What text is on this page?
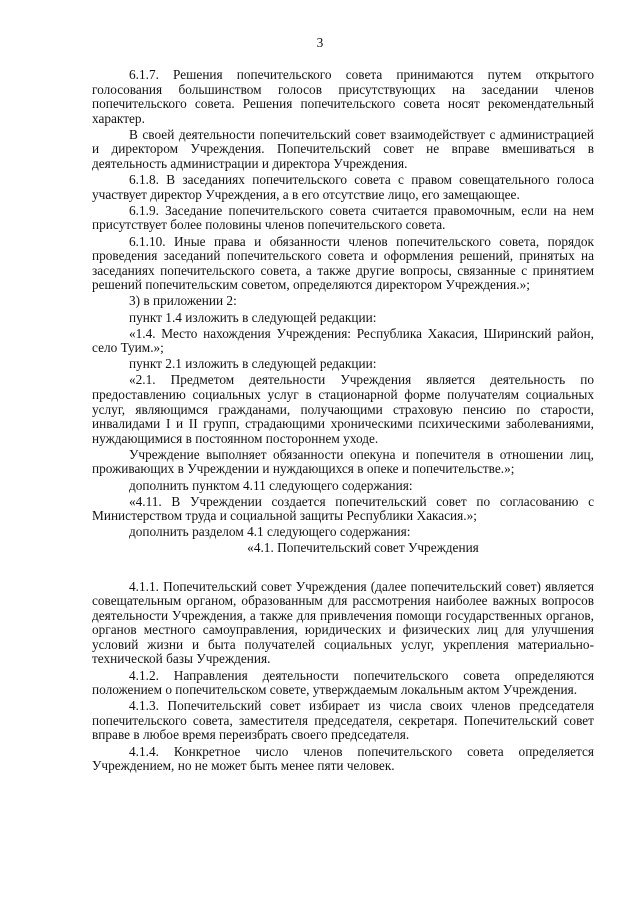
3

6.1.7. Решения попечительского совета принимаются путем открытого голосования большинством голосов присутствующих на заседании членов попечительского совета. Решения попечительского совета носят рекомендательный характер.

В своей деятельности попечительский совет взаимодействует с администрацией и директором Учреждения. Попечительский совет не вправе вмешиваться в деятельность администрации и директора Учреждения.

6.1.8. В заседаниях попечительского совета с правом совещательного голоса участвует директор Учреждения, а в его отсутствие лицо, его замещающее.

6.1.9. Заседание попечительского совета считается правомочным, если на нем присутствует более половины членов попечительского совета.

6.1.10. Иные права и обязанности членов попечительского совета, порядок проведения заседаний попечительского совета и оформления решений, принятых на заседаниях попечительского совета, а также другие вопросы, связанные с принятием решений попечительским советом, определяются директором Учреждения.»;

3) в приложении 2:

пункт 1.4 изложить в следующей редакции:

«1.4. Место нахождения Учреждения: Республика Хакасия, Ширинский район, село Туим.»;

пункт 2.1 изложить в следующей редакции:

«2.1. Предметом деятельности Учреждения является деятельность по предоставлению социальных услуг в стационарной форме получателям социальных услуг, являющимся гражданами, получающими страховую пенсию по старости, инвалидами I и II групп, страдающими хроническими психическими заболеваниями, нуждающимися в постоянном постороннем уходе.

Учреждение выполняет обязанности опекуна и попечителя в отношении лиц, проживающих в Учреждении и нуждающихся в опеке и попечительстве.»;

дополнить пунктом 4.11 следующего содержания:

«4.11. В Учреждении создается попечительский совет по согласованию с Министерством труда и социальной защиты Республики Хакасия.»;

дополнить разделом 4.1 следующего содержания:

«4.1. Попечительский совет Учреждения

4.1.1. Попечительский совет Учреждения (далее попечительский совет) является совещательным органом, образованным для рассмотрения наиболее важных вопросов деятельности Учреждения, а также для привлечения помощи государственных органов, органов местного самоуправления, юридических и физических лиц для улучшения условий жизни и быта получателей социальных услуг, укрепления материально-технической базы Учреждения.

4.1.2. Направления деятельности попечительского совета определяются положением о попечительском совете, утверждаемым локальным актом Учреждения.

4.1.3. Попечительский совет избирает из числа своих членов председателя попечительского совета, заместителя председателя, секретаря. Попечительский совет вправе в любое время переизбрать своего председателя.

4.1.4. Конкретное число членов попечительского совета определяется Учреждением, но не может быть менее пяти человек.
